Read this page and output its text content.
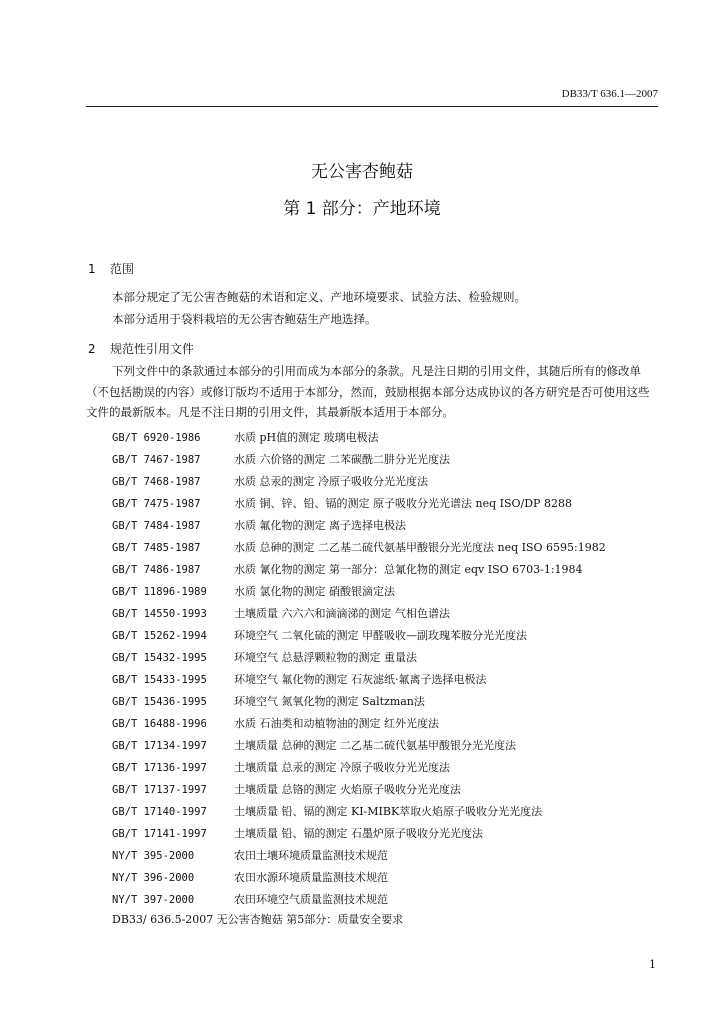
DB33/T 636.1—2007
无公害杏鲍菇
第 1 部分：产地环境
1 范围
本部分规定了无公害杏鲍菇的术语和定义、产地环境要求、试验方法、检验规则。
本部分适用于袋料栽培的无公害杏鲍菇生产地选择。
2 规范性引用文件
下列文件中的条款通过本部分的引用而成为本部分的条款。凡是注日期的引用文件，其随后所有的修改单（不包括勘误的内容）或修订版均不适用于本部分，然而，鼓励根据本部分达成协议的各方研究是否可使用这些文件的最新版本。凡是不注日期的引用文件，其最新版本适用于本部分。
GB/T 6920-1986	水质 pH值的测定 玻璃电极法
GB/T 7467-1987	水质 六价铬的测定 二苯碳酰二肼分光光度法
GB/T 7468-1987	水质 总汞的测定 冷原子吸收分光光度法
GB/T 7475-1987	水质 铜、锌、铅、镉的测定 原子吸收分光光谱法 neq ISO/DP 8288
GB/T 7484-1987	水质 氟化物的测定 离子选择电极法
GB/T 7485-1987	水质 总砷的测定 二乙基二硫代氨基甲酸银分光光度法 neq ISO 6595:1982
GB/T 7486-1987	水质 氰化物的测定 第一部分：总氰化物的测定 eqv ISO 6703-1:1984
GB/T 11896-1989 水质 氯化物的测定 硝酸银滴定法
GB/T 14550-1993 土壤质量 六六六和滴滴涕的测定 气相色谱法
GB/T 15262-1994 环境空气 二氧化硫的测定 甲醛吸收—副玫瑰苯胺分光光度法
GB/T 15432-1995 环境空气 总悬浮颗粒物的测定 重量法
GB/T 15433-1995 环境空气 氟化物的测定 石灰滤纸·氟离子选择电极法
GB/T 15436-1995 环境空气 氮氧化物的测定 Saltzman法
GB/T 16488-1996 水质 石油类和动植物油的测定 红外光度法
GB/T 17134-1997 土壤质量 总砷的测定 二乙基二硫代氨基甲酸银分光光度法
GB/T 17136-1997 土壤质量 总汞的测定 冷原子吸收分光光度法
GB/T 17137-1997 土壤质量 总铬的测定 火焰原子吸收分光光度法
GB/T 17140-1997 土壤质量 铅、镉的测定 KI-MIBK萃取火焰原子吸收分光光度法
GB/T 17141-1997 土壤质量 铅、镉的测定 石墨炉原子吸收分光光度法
NY/T 395-2000	农田土壤环境质量监测技术规范
NY/T 396-2000	农田水源环境质量监测技术规范
NY/T 397-2000	农田环境空气质量监测技术规范
DB33/ 636.5-2007 无公害杏鲍菇 第5部分：质量安全要求
1
